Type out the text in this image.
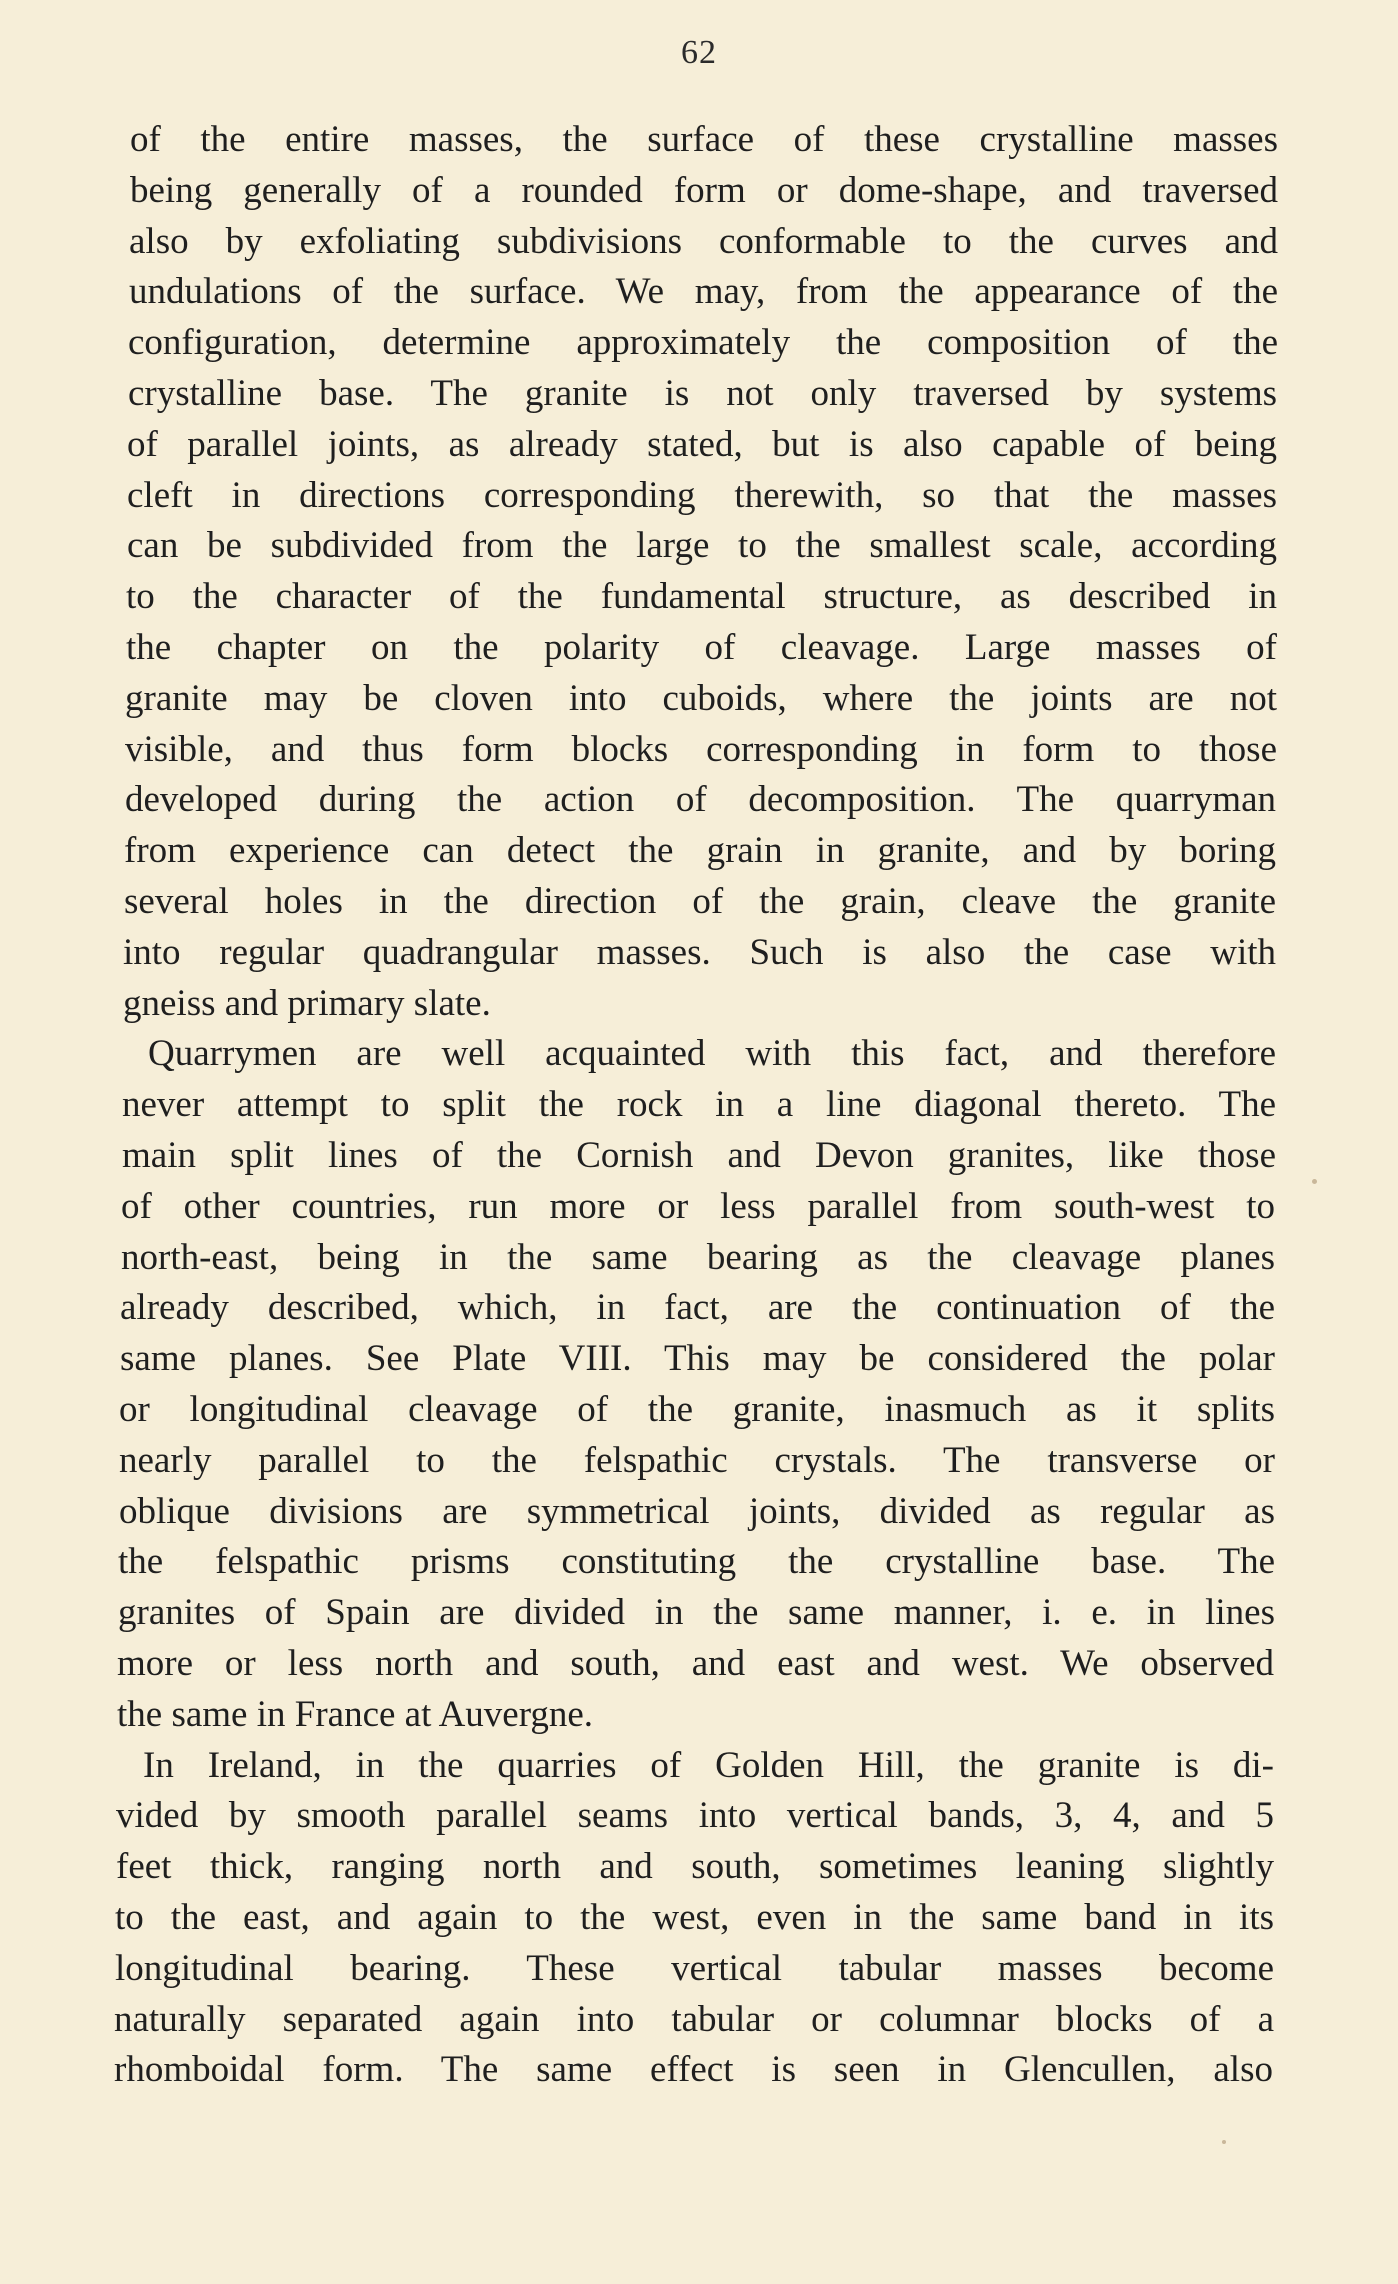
62
of the entire masses, the surface of these crystalline masses
being generally of a rounded form or dome-shape, and traversed
also by exfoliating subdivisions conformable to the curves and
undulations of the surface. We may, from the appearance of the
configuration, determine approximately the composition of the
crystalline base. The granite is not only traversed by systems
of parallel joints, as already stated, but is also capable of being
cleft in directions corresponding therewith, so that the masses
can be subdivided from the large to the smallest scale, according
to the character of the fundamental structure, as described in
the chapter on the polarity of cleavage. Large masses of
granite may be cloven into cuboids, where the joints are not
visible, and thus form blocks corresponding in form to those
developed during the action of decomposition. The quarryman
from experience can detect the grain in granite, and by boring
several holes in the direction of the grain, cleave the granite
into regular quadrangular masses. Such is also the case with
gneiss and primary slate.
Quarrymen are well acquainted with this fact, and therefore
never attempt to split the rock in a line diagonal thereto. The
main split lines of the Cornish and Devon granites, like those
of other countries, run more or less parallel from south-west to
north-east, being in the same bearing as the cleavage planes
already described, which, in fact, are the continuation of the
same planes. See Plate VIII. This may be considered the polar
or longitudinal cleavage of the granite, inasmuch as it splits
nearly parallel to the felspathic crystals. The transverse or
oblique divisions are symmetrical joints, divided as regular as
the felspathic prisms constituting the crystalline base. The
granites of Spain are divided in the same manner, i. e. in lines
more or less north and south, and east and west. We observed
the same in France at Auvergne.
In Ireland, in the quarries of Golden Hill, the granite is di-
vided by smooth parallel seams into vertical bands, 3, 4, and 5
feet thick, ranging north and south, sometimes leaning slightly
to the east, and again to the west, even in the same band in its
longitudinal bearing. These vertical tabular masses become
naturally separated again into tabular or columnar blocks of a
rhomboidal form. The same effect is seen in Glencullen, also
